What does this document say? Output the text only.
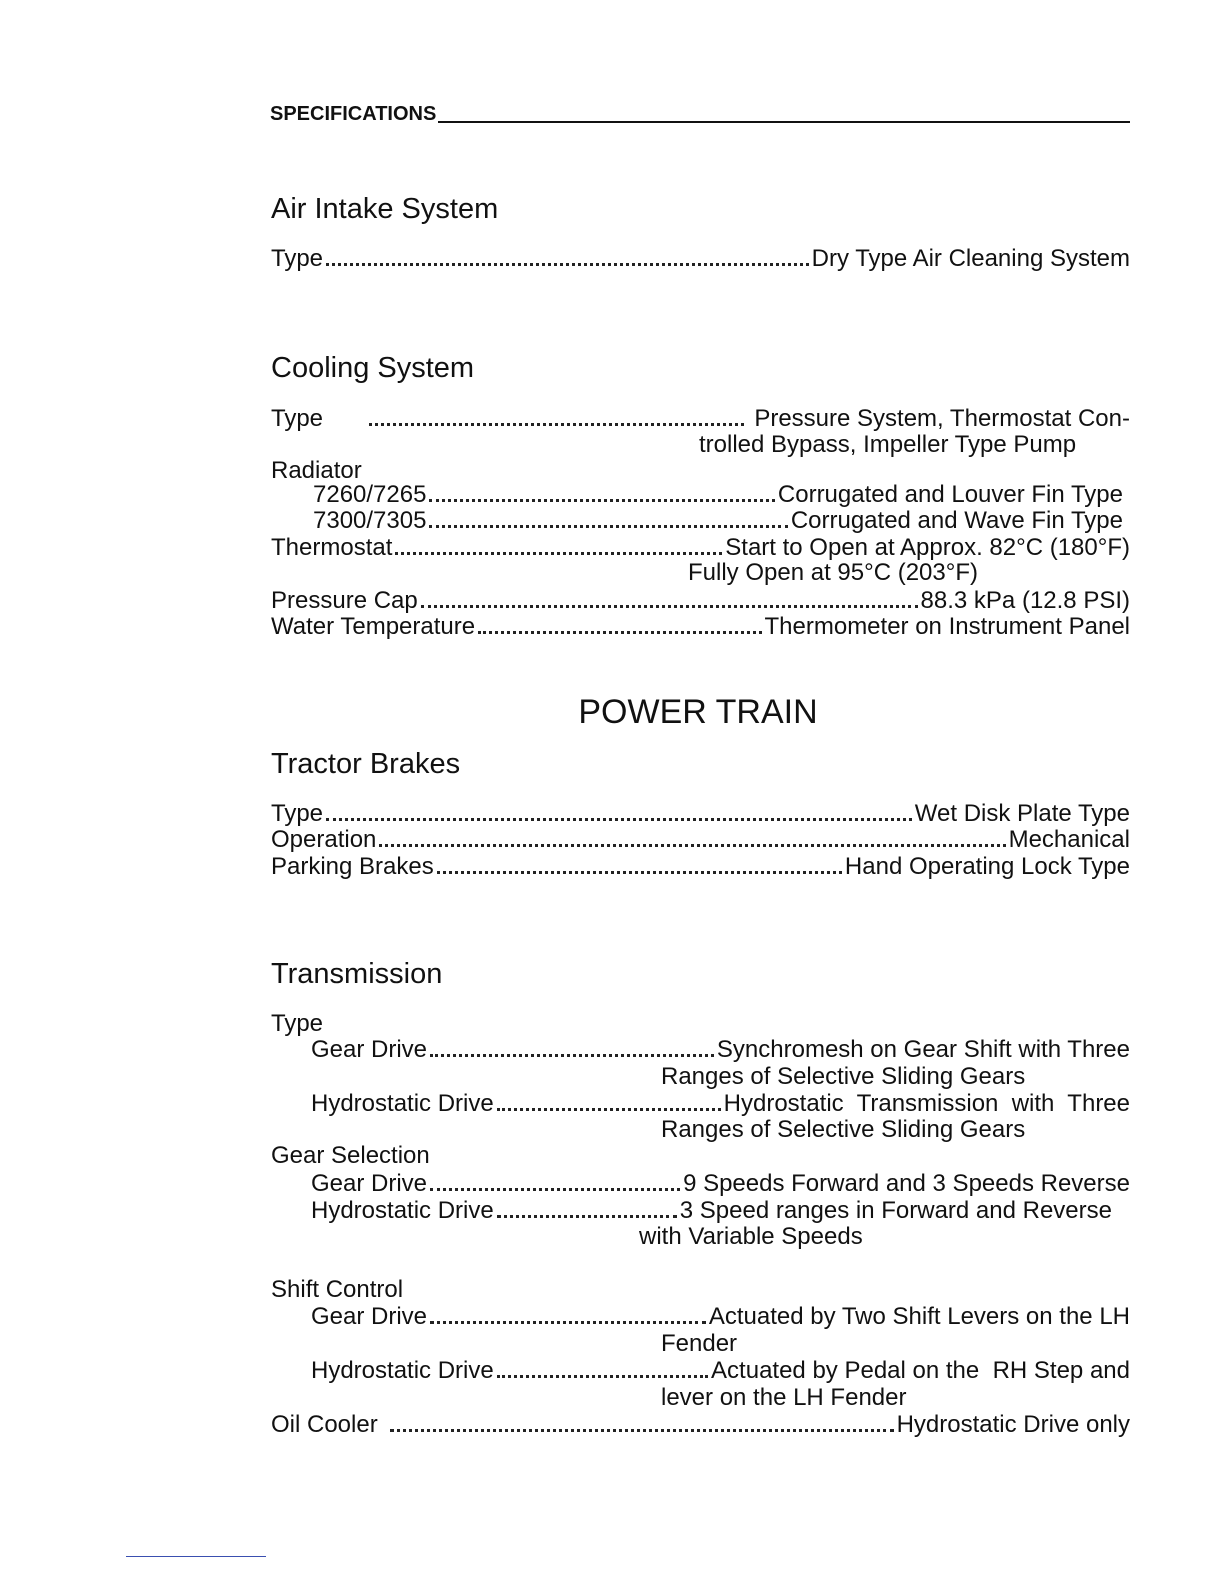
SPECIFICATIONS
Air Intake System
Type	Dry Type Air Cleaning System
Cooling System
Type	Pressure System, Thermostat Con-
trolled Bypass, Impeller Type Pump
Radiator
7260/7265	Corrugated and Louver Fin Type
7300/7305	Corrugated and Wave Fin Type
Thermostat	Start to Open at Approx. 82°C (180°F)
Fully Open at 95°C (203°F)
Pressure Cap	88.3 kPa (12.8 PSI)
Water Temperature	Thermometer on Instrument Panel
POWER TRAIN
Tractor Brakes
Type	Wet Disk Plate Type
Operation	Mechanical
Parking Brakes	Hand Operating Lock Type
Transmission
Type
Gear Drive	Synchromesh on Gear Shift with Three
Ranges of Selective Sliding Gears
Hydrostatic Drive	Hydrostatic  Transmission  with  Three
Ranges of Selective Sliding Gears
Gear Selection
Gear Drive	9 Speeds Forward and 3 Speeds Reverse
Hydrostatic Drive	3 Speed ranges in Forward and Reverse
with Variable Speeds
Shift Control
Gear Drive	Actuated by Two Shift Levers on the LH
Fender
Hydrostatic Drive	Actuated by Pedal on the  RH Step and
lever on the LH Fender
Oil Cooler	Hydrostatic Drive only
